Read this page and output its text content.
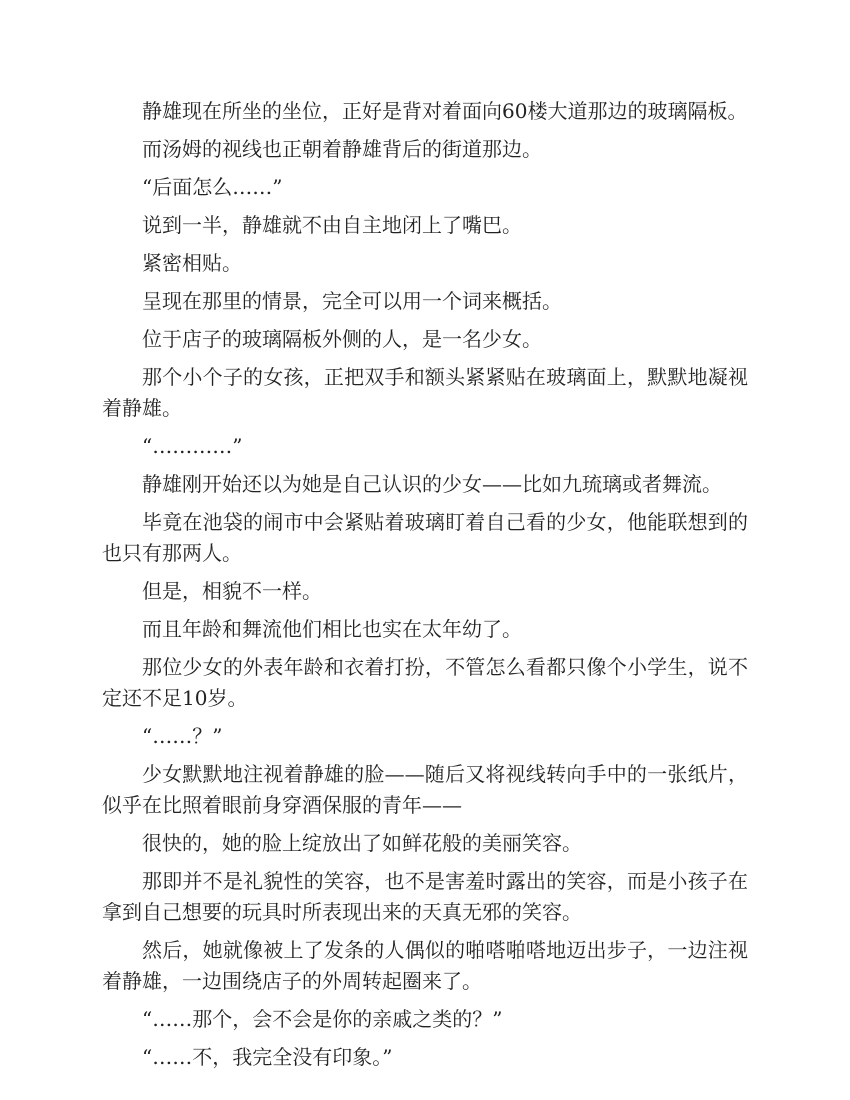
静雄现在所坐的坐位，正好是背对着面向60楼大道那边的玻璃隔板。

而汤姆的视线也正朝着静雄背后的街道那边。

“后面怎么……”

说到一半，静雄就不由自主地闭上了嘴巴。

紧密相贴。

呈现在那里的情景，完全可以用一个词来概括。

位于店子的玻璃隔板外侧的人，是一名少女。

那个小个子的女孩，正把双手和额头紧紧贴在玻璃面上，默默地凝视着静雄。

“…………”

静雄刚开始还以为她是自己认识的少女——比如九琉璃或者舞流。

毕竟在池袋的闹市中会紧贴着玻璃盯着自己看的少女，他能联想到的也只有那两人。

但是，相貌不一样。

而且年龄和舞流他们相比也实在太年幼了。

那位少女的外表年龄和衣着打扮，不管怎么看都只像个小学生，说不定还不足10岁。

“……？”

少女默默地注视着静雄的脸——随后又将视线转向手中的一张纸片，似乎在比照着眼前身穿酒保服的青年——

很快的，她的脸上绽放出了如鲜花般的美丽笑容。

那即并不是礼貌性的笑容，也不是害羞时露出的笑容，而是小孩子在拿到自己想要的玩具时所表现出来的天真无邪的笑容。

然后，她就像被上了发条的人偶似的啪嗒啪嗒地迈出步子，一边注视着静雄，一边围绕店子的外周转起圈来了。

“……那个，会不会是你的亲戚之类的？”

“……不，我完全没有印象。”
